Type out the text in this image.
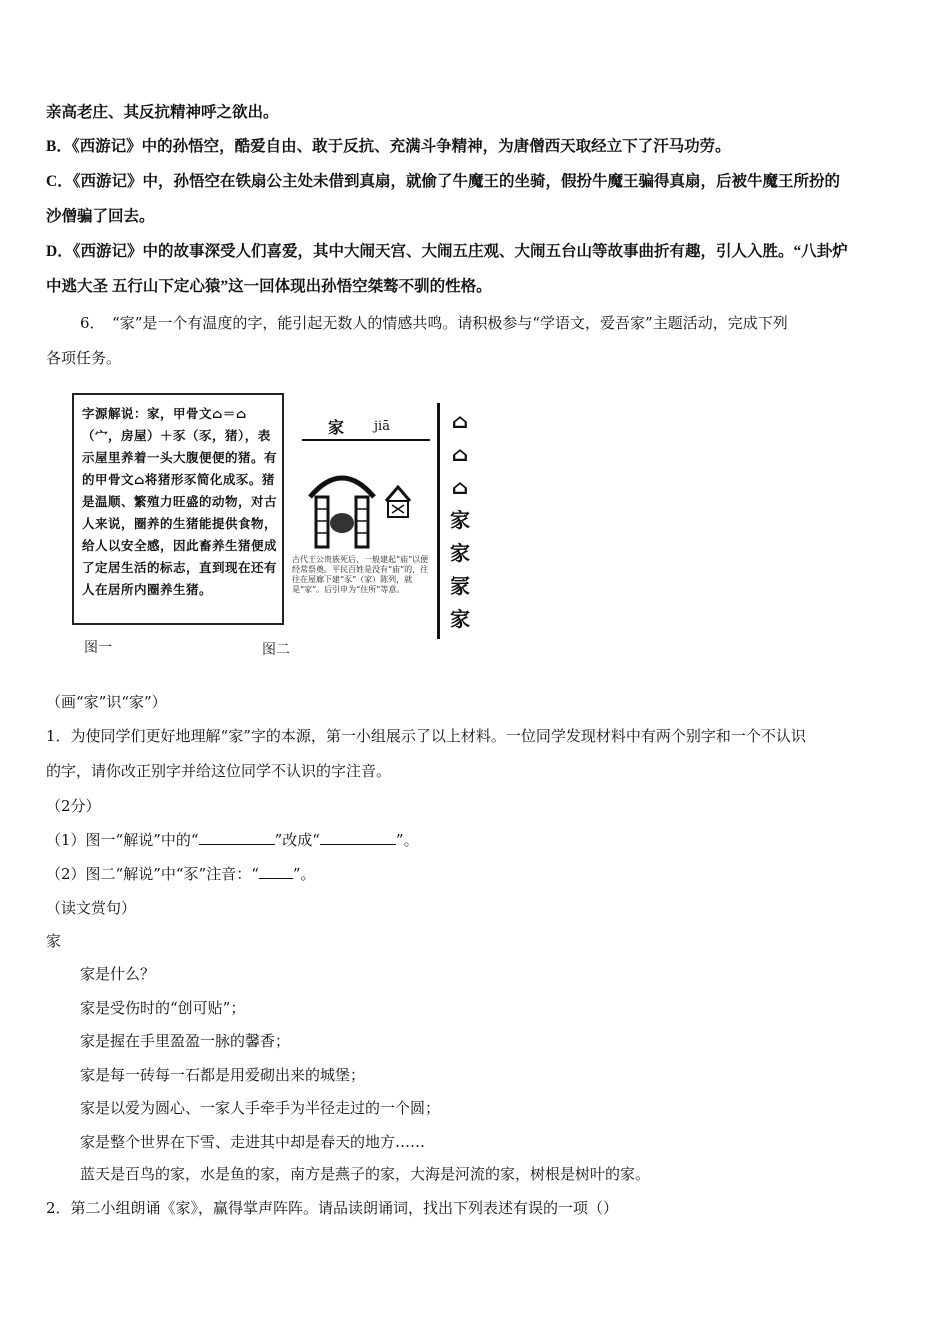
亲高老庄、其反抗精神呼之欲出。
B．《西游记》中的孙悟空，酷爱自由、敢于反抗、充满斗争精神，为唐僧西天取经立下了汗马功劳。
C．《西游记》中，孙悟空在铁扇公主处未借到真扇，就偷了牛魔王的坐骑，假扮牛魔王骗得真扇，后被牛魔王所扮的
沙僧骗了回去。
D．《西游记》中的故事深受人们喜爱，其中大闹天宫、大闹五庄观、大闹五台山等故事曲折有趣，引人入胜。“八卦炉
中逃大圣 五行山下定心猿”这一回体现出孙悟空桀骜不驯的性格。
6．　“家”是一个有温度的字，能引起无数人的情感共鸣。请积极参与“学语文，爱吾家”主题活动，完成下列
各项任务。
字源解说：家，甲骨文⌂＝⌂（宀，房屋）＋豕（豕，猪），表示屋里养着一头大腹便便的猪。有的甲骨文⌂将猪形豕简化成豕。猪是温顺、繁殖力旺盛的动物，对古人来说，圈养的生猪能提供食物，给人以安全感，因此畜养生猪便成了定居生活的标志，直到现在还有人在居所内圈养生猪。
图一
家 jiā
古代王公贵族死后，一般建起“庙”以便经常祭奠。平民百姓是没有“庙”的，往往在屋廊下建“豕”（家）陈列，就是“家”。后引申为“住所”等意。
图二
⌂
⌂
⌂
家
家
冡
家
（画“家”识“家”）
1．为使同学们更好地理解“家”字的本源，第一小组展示了以上材料。一位同学发现材料中有两个别字和一个不认识
的字，请你改正别字并给这位同学不认识的字注音。
（2分）
（1）图一“解说”中的“	”改成“	”。
（2）图二“解说”中“豕”注音：“ ”。
（读文赏句）
家
家是什么？
家是受伤时的“创可贴”；
家是握在手里盈盈一脉的馨香；
家是每一砖每一石都是用爱砌出来的城堡；
家是以爱为圆心、一家人手牵手为半径走过的一个圆；
家是整个世界在下雪、走进其中却是春天的地方……
蓝天是百鸟的家，水是鱼的家，南方是燕子的家，大海是河流的家，树根是树叶的家。
2．第二小组朗诵《家》，赢得掌声阵阵。请品读朗诵词，找出下列表述有误的一项（）
